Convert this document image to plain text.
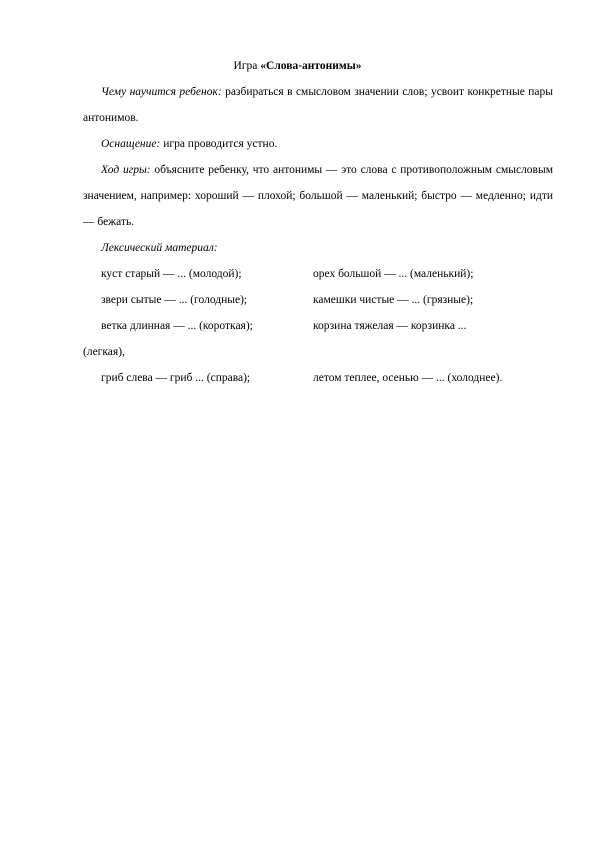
Игра «Слова-антонимы»
Чему научится ребенок: разбираться в смысловом значении слов; усвоит конкретные пары антонимов.
Оснащение: игра проводится устно.
Ход игры: объясните ребенку, что антонимы — это слова с противоположным смысловым значением, например: хороший — плохой; большой — маленький; быстро — медленно; идти — бежать.
Лексический материал:
куст старый — ... (молодой);	орех большой — ... (маленький);
звери сытые — ... (голодные);	камешки чистые — ... (грязные);
ветка длинная — ... (короткая);	корзина тяжелая — корзинка ...
(легкая),
гриб слева — гриб ... (справа);	летом теплее, осенью — ... (холоднее).
